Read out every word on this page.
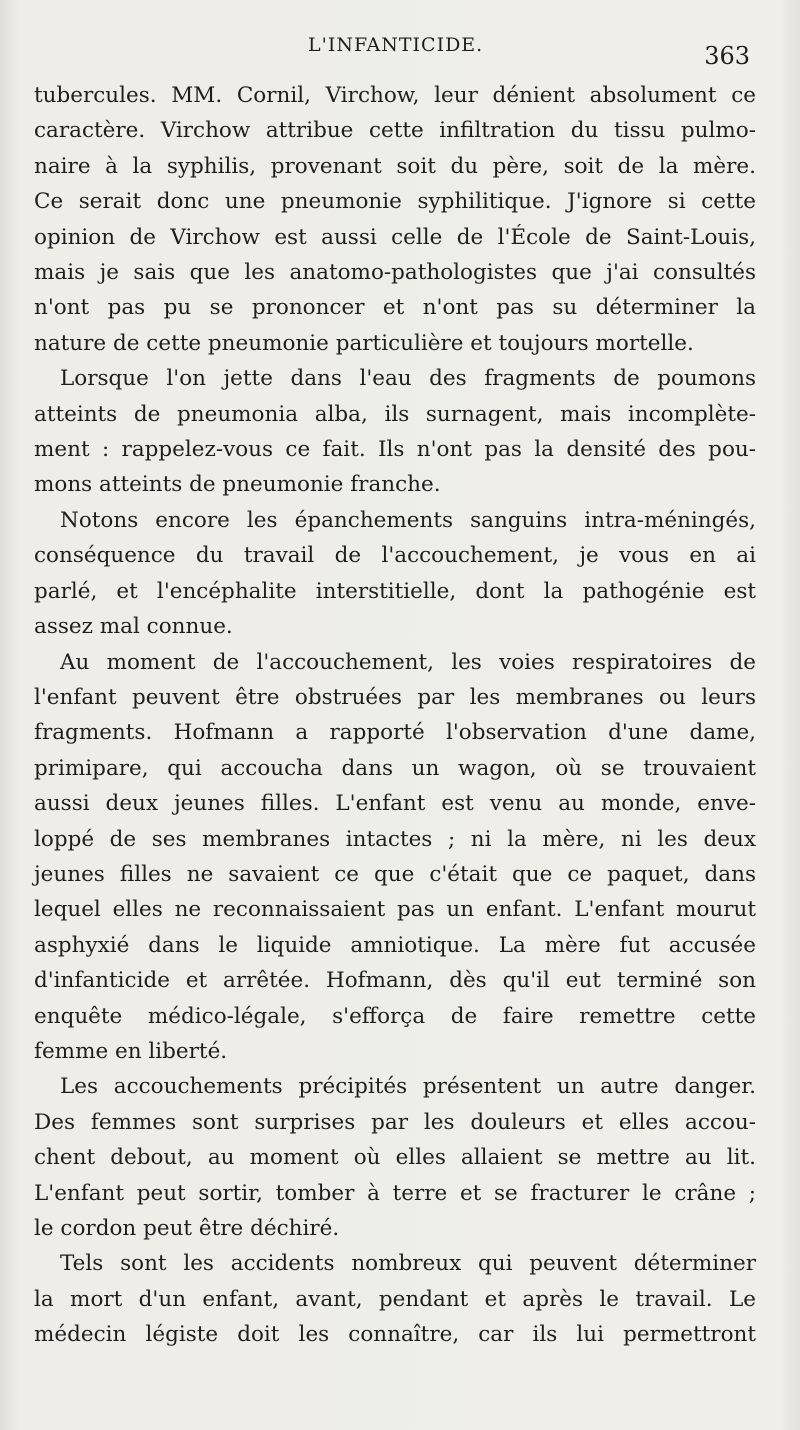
L'INFANTICIDE.	363

tubercules. MM. Cornil, Virchow, leur dénient absolument ce
caractère. Virchow attribue cette infiltration du tissu pulmo-
naire à la syphilis, provenant soit du père, soit de la mère.
Ce serait donc une pneumonie syphilitique. J'ignore si cette
opinion de Virchow est aussi celle de l'École de Saint-Louis,
mais je sais que les anatomo-pathologistes que j'ai consultés
n'ont pas pu se prononcer et n'ont pas su déterminer la
nature de cette pneumonie particulière et toujours mortelle.

Lorsque l'on jette dans l'eau des fragments de poumons
atteints de pneumonia alba, ils surnagent, mais incomplète-
ment : rappelez-vous ce fait. Ils n'ont pas la densité des pou-
mons atteints de pneumonie franche.

Notons encore les épanchements sanguins intra-méningés,
conséquence du travail de l'accouchement, je vous en ai
parlé, et l'encéphalite interstitielle, dont la pathogénie est
assez mal connue.

Au moment de l'accouchement, les voies respiratoires de
l'enfant peuvent être obstruées par les membranes ou leurs
fragments. Hofmann a rapporté l'observation d'une dame,
primipare, qui accoucha dans un wagon, où se trouvaient
aussi deux jeunes filles. L'enfant est venu au monde, enve-
loppé de ses membranes intactes ; ni la mère, ni les deux
jeunes filles ne savaient ce que c'était que ce paquet, dans
lequel elles ne reconnaissaient pas un enfant. L'enfant mourut
asphyxié dans le liquide amniotique. La mère fut accusée
d'infanticide et arrêtée. Hofmann, dès qu'il eut terminé son
enquête médico-légale, s'efforça de faire remettre cette
femme en liberté.

Les accouchements précipités présentent un autre danger.
Des femmes sont surprises par les douleurs et elles accou-
chent debout, au moment où elles allaient se mettre au lit.
L'enfant peut sortir, tomber à terre et se fracturer le crâne ;
le cordon peut être déchiré.

Tels sont les accidents nombreux qui peuvent déterminer
la mort d'un enfant, avant, pendant et après le travail. Le
médecin légiste doit les connaître, car ils lui permettront
